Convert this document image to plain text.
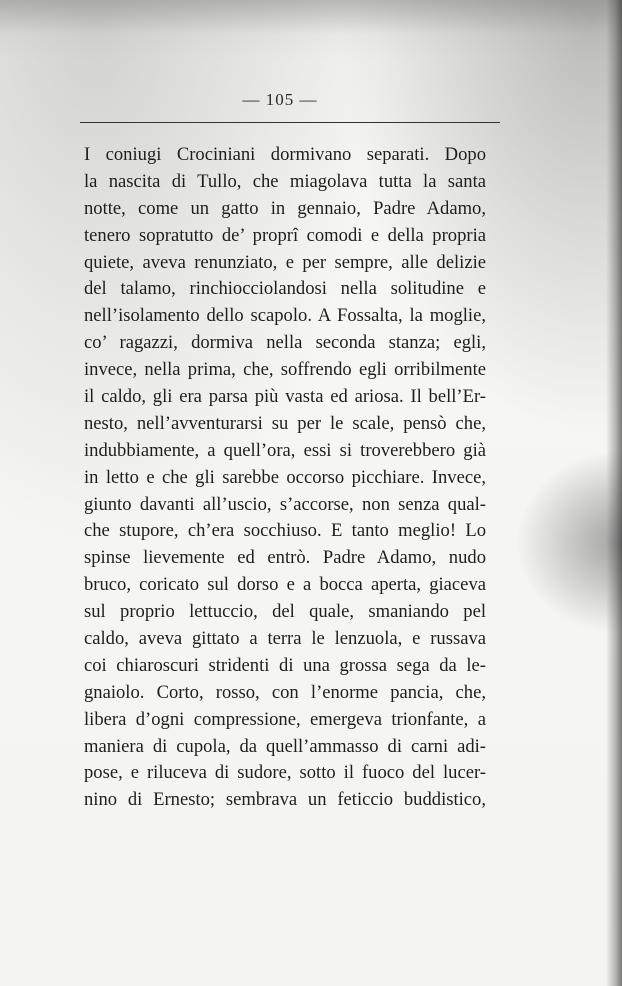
— 105 —
I coniugi Crociniani dormivano separati. Dopo
la nascita di Tullo, che miagolava tutta la santa
notte, come un gatto in gennaio, Padre Adamo,
tenero sopratutto de’ proprî comodi e della propria
quiete, aveva renunziato, e per sempre, alle delizie
del talamo, rinchiocciolandosi nella solitudine e
nell’isolamento dello scapolo. A Fossalta, la moglie,
co’ ragazzi, dormiva nella seconda stanza; egli,
invece, nella prima, che, soffrendo egli orribilmente
il caldo, gli era parsa più vasta ed ariosa. Il bell’Er-
nesto, nell’avventurarsi su per le scale, pensò che,
indubbiamente, a quell’ora, essi si troverebbero già
in letto e che gli sarebbe occorso picchiare. Invece,
giunto davanti all’uscio, s’accorse, non senza qual-
che stupore, ch’era socchiuso. E tanto meglio! Lo
spinse lievemente ed entrò. Padre Adamo, nudo
bruco, coricato sul dorso e a bocca aperta, giaceva
sul proprio lettuccio, del quale, smaniando pel
caldo, aveva gittato a terra le lenzuola, e russava
coi chiaroscuri stridenti di una grossa sega da le-
gnaiolo. Corto, rosso, con l’enorme pancia, che,
libera d’ogni compressione, emergeva trionfante, a
maniera di cupola, da quell’ammasso di carni adi-
pose, e riluceva di sudore, sotto il fuoco del lucer-
nino di Ernesto; sembrava un feticcio buddistico,
